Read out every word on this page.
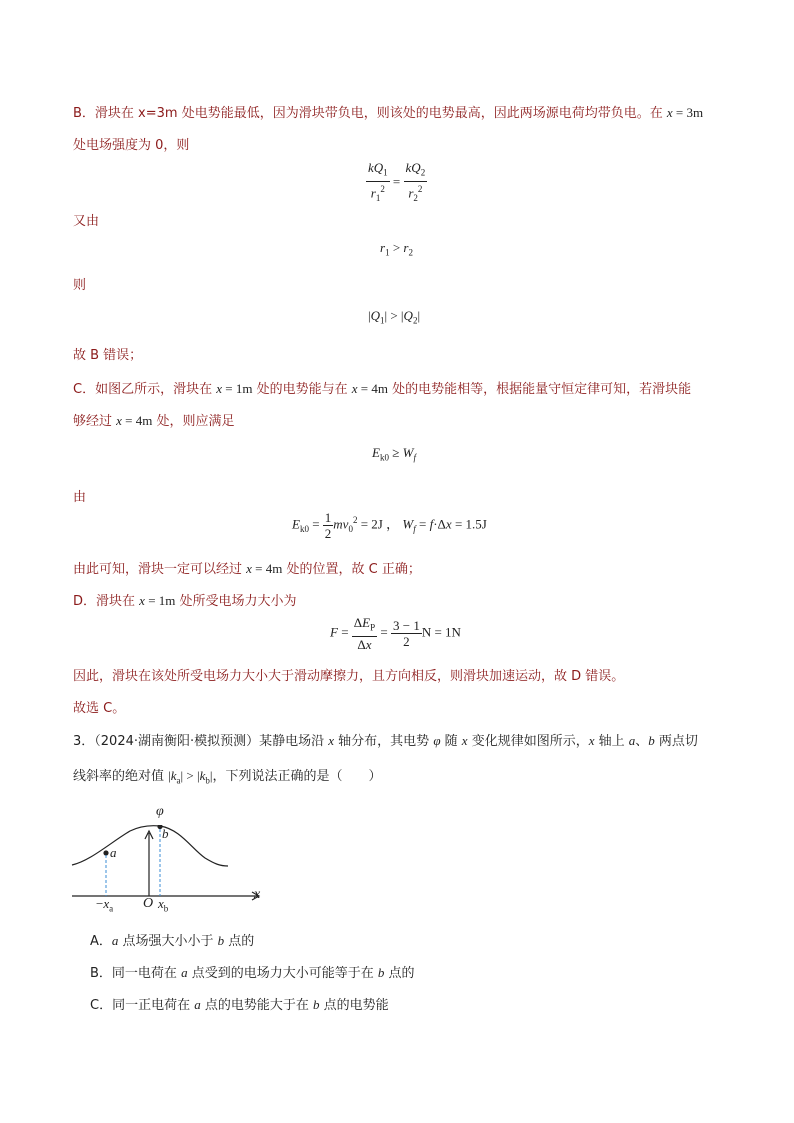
B．滑块在 x=3m 处电势能最低，因为滑块带负电，则该处的电势最高，因此两场源电荷均带负电。在 x = 3m
处电场强度为 0，则
$\frac{kQ_1}{r_1^2} = \frac{kQ_2}{r_2^2}$
又由
$r_1 > r_2$
则
$|Q_1| > |Q_2|$
故 B 错误；
C．如图乙所示，滑块在 x = 1m 处的电势能与在 x = 4m 处的电势能相等，根据能量守恒定律可知，若滑块能
够经过 x = 4m 处，则应满足
$E_{k0} \ge W_f$
由
$E_{k0} = \frac{1}{2} mv_0^2 = 2J$ ， $W_f = f\cdot\Delta x = 1.5J$
由此可知，滑块一定可以经过 x = 4m 处的位置，故 C 正确；
D．滑块在 x = 1m 处所受电场力大小为
$F = \frac{\Delta E_P}{\Delta x} = \frac{3 - 1}{2}$ N = 1N
因此，滑块在该处所受电场力大小大于滑动摩擦力，且方向相反，则滑块加速运动，故 D 错误。
故选 C。
3．（2024·湖南衡阳·模拟预测）某静电场沿 x 轴分布，其电势 φ 随 x 变化规律如图所示，x 轴上 a、b 两点切
线斜率的绝对值 $|k_a| > |k_b|$，下列说法正确的是（　　）
φ
x
O
a
b
$-x_a$	$x_b$
A．a 点场强大小小于 b 点的
B．同一电荷在 a 点受到的电场力大小可能等于在 b 点的
C．同一正电荷在 a 点的电势能大于在 b 点的电势能
